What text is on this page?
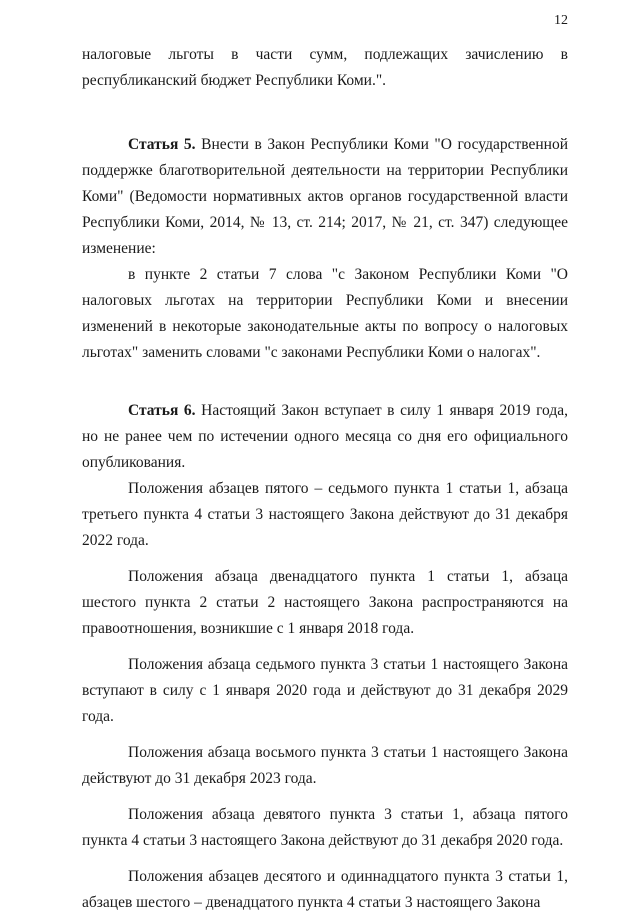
12

налоговые льготы в части сумм, подлежащих зачислению в республиканский бюджет Республики Коми.".

Статья 5. Внести в Закон Республики Коми "О государственной поддержке благотворительной деятельности на территории Республики Коми" (Ведомости нормативных актов органов государственной власти Республики Коми, 2014, № 13, ст. 214; 2017, № 21, ст. 347) следующее изменение:

в пункте 2 статьи 7 слова "с Законом Республики Коми "О налоговых льготах на территории Республики Коми и внесении изменений в некоторые законодательные акты по вопросу о налоговых льготах" заменить словами "с законами Республики Коми о налогах".

Статья 6. Настоящий Закон вступает в силу 1 января 2019 года, но не ранее чем по истечении одного месяца со дня его официального опубликования.

Положения абзацев пятого – седьмого пункта 1 статьи 1, абзаца третьего пункта 4 статьи 3 настоящего Закона действуют до 31 декабря 2022 года.

Положения абзаца двенадцатого пункта 1 статьи 1, абзаца шестого пункта 2 статьи 2 настоящего Закона распространяются на правоотношения, возникшие с 1 января 2018 года.

Положения абзаца седьмого пункта 3 статьи 1 настоящего Закона вступают в силу с 1 января 2020 года и действуют до 31 декабря 2029 года.

Положения абзаца восьмого пункта 3 статьи 1 настоящего Закона действуют до 31 декабря 2023 года.

Положения абзаца девятого пункта 3 статьи 1, абзаца пятого пункта 4 статьи 3 настоящего Закона действуют до 31 декабря 2020 года.

Положения абзацев десятого и одиннадцатого пункта 3 статьи 1, абзацев шестого – двенадцатого пункта 4 статьи 3 настоящего Закона
